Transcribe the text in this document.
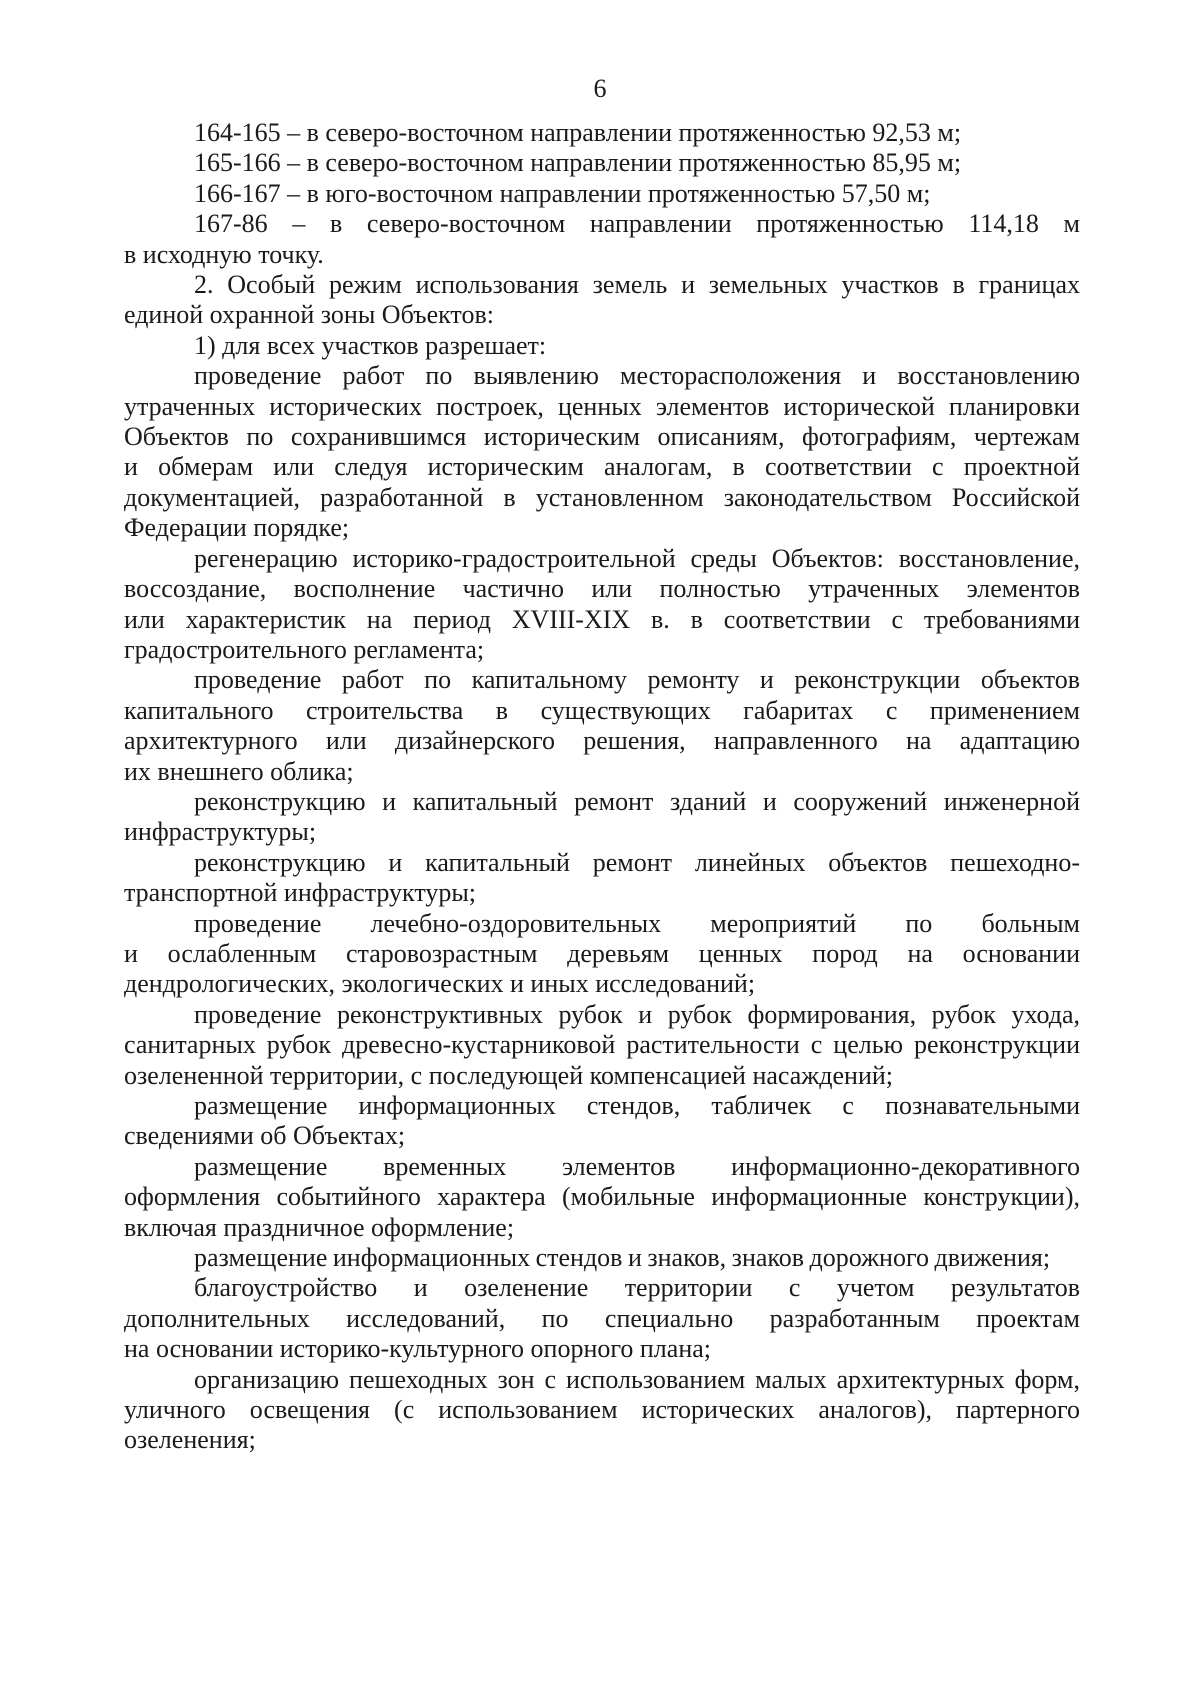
6
164-165 – в северо-восточном направлении протяженностью 92,53 м;
165-166 – в северо-восточном направлении протяженностью 85,95 м;
166-167 – в юго-восточном направлении протяженностью 57,50 м;
167-86 – в северо-восточном направлении протяженностью 114,18 м
в исходную точку.
2. Особый режим использования земель и земельных участков в границах
единой охранной зоны Объектов:
1) для всех участков разрешает:
проведение работ по выявлению месторасположения и восстановлению
утраченных исторических построек, ценных элементов исторической планировки
Объектов по сохранившимся историческим описаниям, фотографиям, чертежам
и обмерам или следуя историческим аналогам, в соответствии с проектной
документацией, разработанной в установленном законодательством Российской
Федерации порядке;
регенерацию историко-градостроительной среды Объектов: восстановление,
воссоздание, восполнение частично или полностью утраченных элементов
или характеристик на период XVIII-XIX в. в соответствии с требованиями
градостроительного регламента;
проведение работ по капитальному ремонту и реконструкции объектов
капитального строительства в существующих габаритах с применением
архитектурного или дизайнерского решения, направленного на адаптацию
их внешнего облика;
реконструкцию и капитальный ремонт зданий и сооружений инженерной
инфраструктуры;
реконструкцию и капитальный ремонт линейных объектов пешеходно-
транспортной инфраструктуры;
проведение лечебно-оздоровительных мероприятий по больным
и ослабленным старовозрастным деревьям ценных пород на основании
дендрологических, экологических и иных исследований;
проведение реконструктивных рубок и рубок формирования, рубок ухода,
санитарных рубок древесно-кустарниковой растительности с целью реконструкции
озелененной территории, с последующей компенсацией насаждений;
размещение информационных стендов, табличек с познавательными
сведениями об Объектах;
размещение временных элементов информационно-декоративного
оформления событийного характера (мобильные информационные конструкции),
включая праздничное оформление;
размещение информационных стендов и знаков, знаков дорожного движения;
благоустройство и озеленение территории с учетом результатов
дополнительных исследований, по специально разработанным проектам
на основании историко-культурного опорного плана;
организацию пешеходных зон с использованием малых архитектурных форм,
уличного освещения (с использованием исторических аналогов), партерного
озеленения;
